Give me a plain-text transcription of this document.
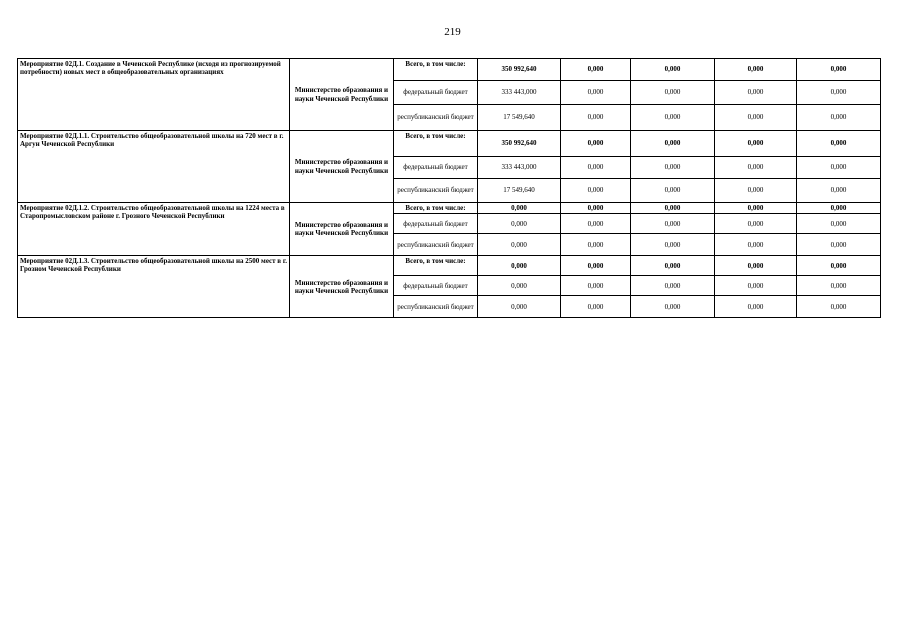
219
Мероприятие 02Д.1. Создание в Чеченской Республике (исходя из прогнозируемой потребности) новых мест в общеобразовательных организациях	Министерство образования и науки Чеченской Республики	Всего, в том числе:	350 992,640	0,000	0,000	0,000	0,000
		федеральный бюджет	333 443,000	0,000	0,000	0,000	0,000
		республиканский бюджет	17 549,640	0,000	0,000	0,000	0,000
Мероприятие 02Д.1.1. Строительство общеобразовательной школы на 720 мест в г. Аргун Чеченской Республики	Министерство образования и науки Чеченской Республики	Всего, в том числе:	350 992,640	0,000	0,000	0,000	0,000
		федеральный бюджет	333 443,000	0,000	0,000	0,000	0,000
		республиканский бюджет	17 549,640	0,000	0,000	0,000	0,000
Мероприятие 02Д.1.2. Строительство общеобразовательной школы на 1224 места в Старопромысловском районе г. Грозного Чеченской Республики	Министерство образования и науки Чеченской Республики	Всего, в том числе:	0,000	0,000	0,000	0,000	0,000
		федеральный бюджет	0,000	0,000	0,000	0,000	0,000
		республиканский бюджет	0,000	0,000	0,000	0,000	0,000
Мероприятие 02Д.1.3. Строительство общеобразовательной школы на 2500 мест в г. Грозном Чеченской Республики	Министерство образования и науки Чеченской Республики	Всего, в том числе:	0,000	0,000	0,000	0,000	0,000
		федеральный бюджет	0,000	0,000	0,000	0,000	0,000
		республиканский бюджет	0,000	0,000	0,000	0,000	0,000
